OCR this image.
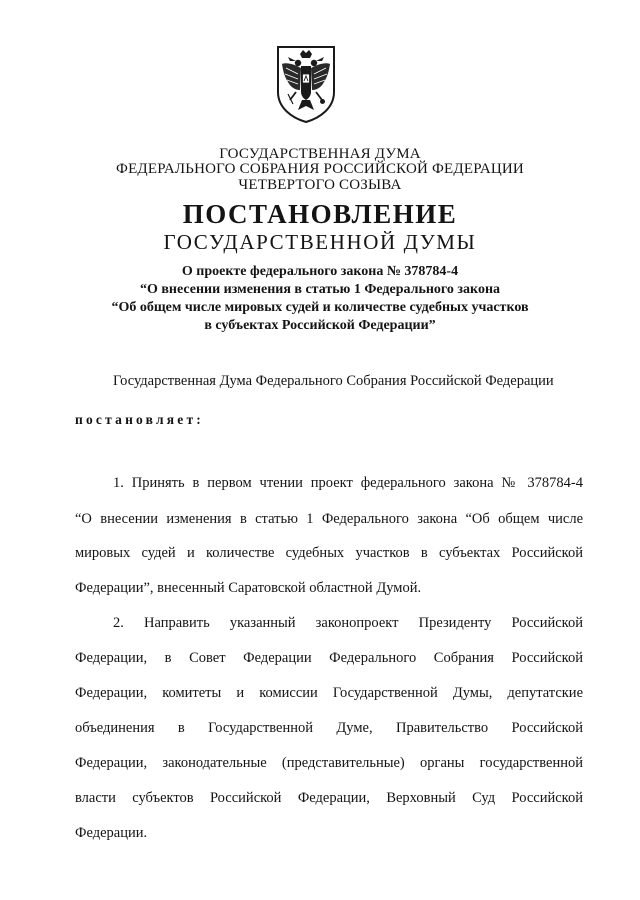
ГОСУДАРСТВЕННАЯ ДУМА
ФЕДЕРАЛЬНОГО СОБРАНИЯ РОССИЙСКОЙ ФЕДЕРАЦИИ
ЧЕТВЕРТОГО СОЗЫВА
ПОСТАНОВЛЕНИЕ
ГОСУДАРСТВЕННОЙ ДУМЫ
О проекте федерального закона № 378784-4
“О внесении изменения в статью 1 Федерального закона
“Об общем числе мировых судей и количестве судебных участков
в субъектах Российской Федерации”
Государственная Дума Федерального Собрания Российской Федерации
постановляет:
1. Принять в первом чтении проект федерального закона № 378784-4
“О внесении изменения в статью 1 Федерального закона “Об общем числе
мировых судей и количестве судебных участков в субъектах Российской
Федерации”, внесенный Саратовской областной Думой.
2. Направить указанный законопроект Президенту Российской
Федерации, в Совет Федерации Федерального Собрания Российской
Федерации, комитеты и комиссии Государственной Думы, депутатские
объединения в Государственной Думе, Правительство Российской
Федерации, законодательные (представительные) органы государственной
власти субъектов Российской Федерации, Верховный Суд Российской
Федерации.
